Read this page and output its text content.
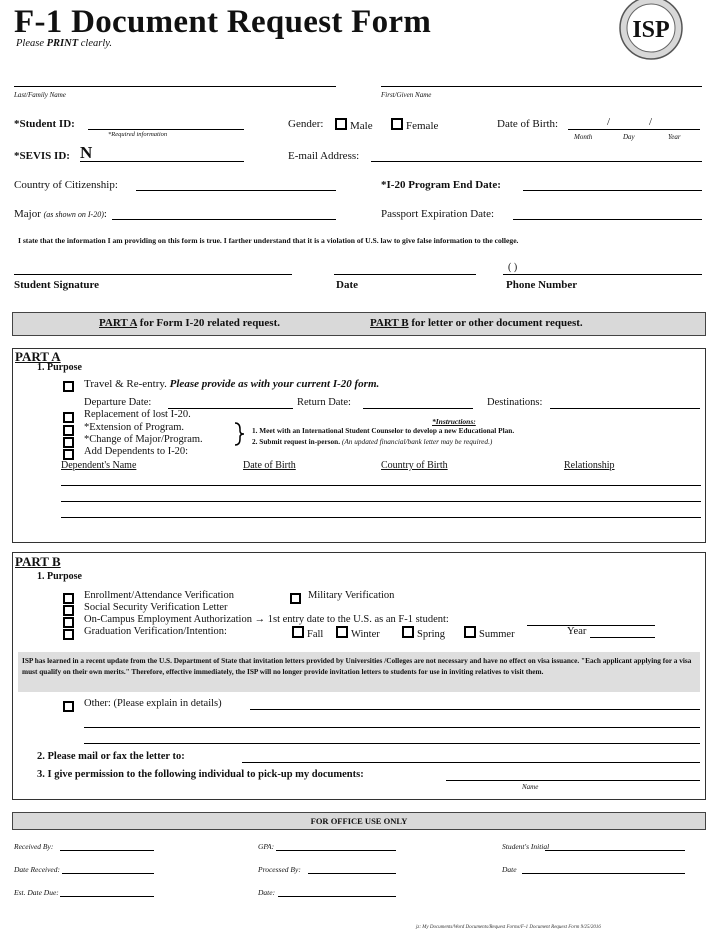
F-1 Document Request Form
Please PRINT clearly.
ISP
Last/Family Name	First/Given Name
*Student ID:
*Required information
Gender:	Male	Female	Date of Birth:	/	/
Month	Day	Year
*SEVIS ID: N	E-mail Address:
Country of Citizenship:	*I-20 Program End Date:
Major (as shown on I-20):	Passport Expiration Date:
I state that the information I am providing on this form is true. I farther understand that it is a violation of U.S. law to give false information to the college.
( )
Student Signature	Date	Phone Number
PART A for Form I-20 related request.	PART B for letter or other document request.
PART A
1. Purpose
Travel & Re-entry. Please provide as with your current I-20 form.
Departure Date:	Return Date:	Destinations:
Replacement of lost I-20.
*Instructions:
*Extension of Program.
*Change of Major/Program.
1. Meet with an International Student Counselor to develop a new Educational Plan.
2. Submit request in-person. (An updated financial/bank letter may be required.)
Add Dependents to I-20:
Dependent's Name	Date of Birth	Country of Birth	Relationship
PART B
1. Purpose
Enrollment/Attendance Verification	Military Verification
Social Security Verification Letter
On-Campus Employment Authorization → 1st entry date to the U.S. as an F-1 student:
Graduation Verification/Intention:	Fall	Winter	Spring	Summer	Year
ISP has learned in a recent update from the U.S. Department of State that invitation letters provided by Universities /Colleges are not necessary and have no effect on visa issuance. "Each applicant applying for a visa must qualify on their own merits." Therefore, effective immediately, the ISP will no longer provide invitation letters to students for use in inviting relatives to visit them.
Other: (Please explain in details)
2. Please mail or fax the letter to:
3. I give permission to the following individual to pick-up my documents:
Name
FOR OFFICE USE ONLY
Received By:	GPA:	Student's Initial
Date Received:	Processed By:	Date
Est. Date Due:	Date:
jz: My Documents/Word Documents/Request Forms/F-1 Document Request Form 9/25/2016
